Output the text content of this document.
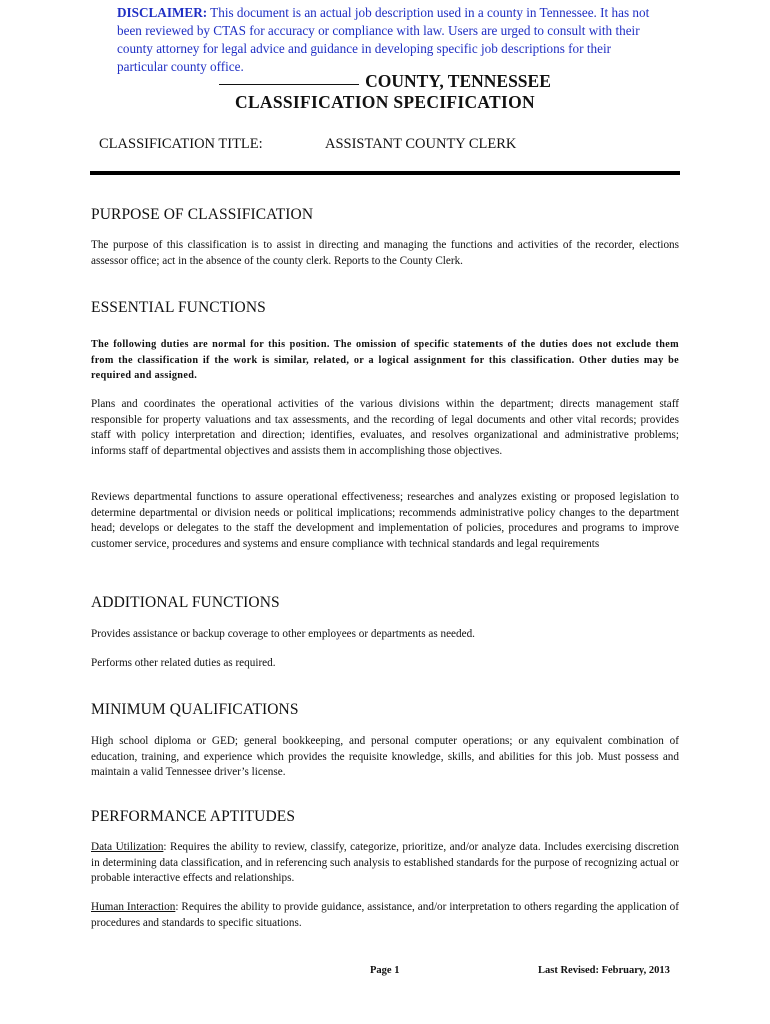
DISCLAIMER: This document is an actual job description used in a county in Tennessee. It has not been reviewed by CTAS for accuracy or compliance with law. Users are urged to consult with their county attorney for legal advice and guidance in developing specific job descriptions for their particular county office.
COUNTY, TENNESSEE
CLASSIFICATION SPECIFICATION
CLASSIFICATION TITLE:	ASSISTANT COUNTY CLERK
PURPOSE OF CLASSIFICATION
The purpose of this classification is to assist in directing and managing the functions and activities of the recorder, elections assessor office; act in the absence of the county clerk. Reports to the County Clerk.
ESSENTIAL FUNCTIONS
The following duties are normal for this position. The omission of specific statements of the duties does not exclude them from the classification if the work is similar, related, or a logical assignment for this classification. Other duties may be required and assigned.
Plans and coordinates the operational activities of the various divisions within the department; directs management staff responsible for property valuations and tax assessments, and the recording of legal documents and other vital records; provides staff with policy interpretation and direction; identifies, evaluates, and resolves organizational and administrative problems; informs staff of departmental objectives and assists them in accomplishing those objectives.
Reviews departmental functions to assure operational effectiveness; researches and analyzes existing or proposed legislation to determine departmental or division needs or political implications; recommends administrative policy changes to the department head; develops or delegates to the staff the development and implementation of policies, procedures and programs to improve customer service, procedures and systems and ensure compliance with technical standards and legal requirements
ADDITIONAL FUNCTIONS
Provides assistance or backup coverage to other employees or departments as needed.
Performs other related duties as required.
MINIMUM QUALIFICATIONS
High school diploma or GED; general bookkeeping, and personal computer operations; or any equivalent combination of education, training, and experience which provides the requisite knowledge, skills, and abilities for this job. Must possess and maintain a valid Tennessee driver’s license.
PERFORMANCE APTITUDES
Data Utilization: Requires the ability to review, classify, categorize, prioritize, and/or analyze data. Includes exercising discretion in determining data classification, and in referencing such analysis to established standards for the purpose of recognizing actual or probable interactive effects and relationships.
Human Interaction: Requires the ability to provide guidance, assistance, and/or interpretation to others regarding the application of procedures and standards to specific situations.
Page 1	Last Revised: February, 2013
